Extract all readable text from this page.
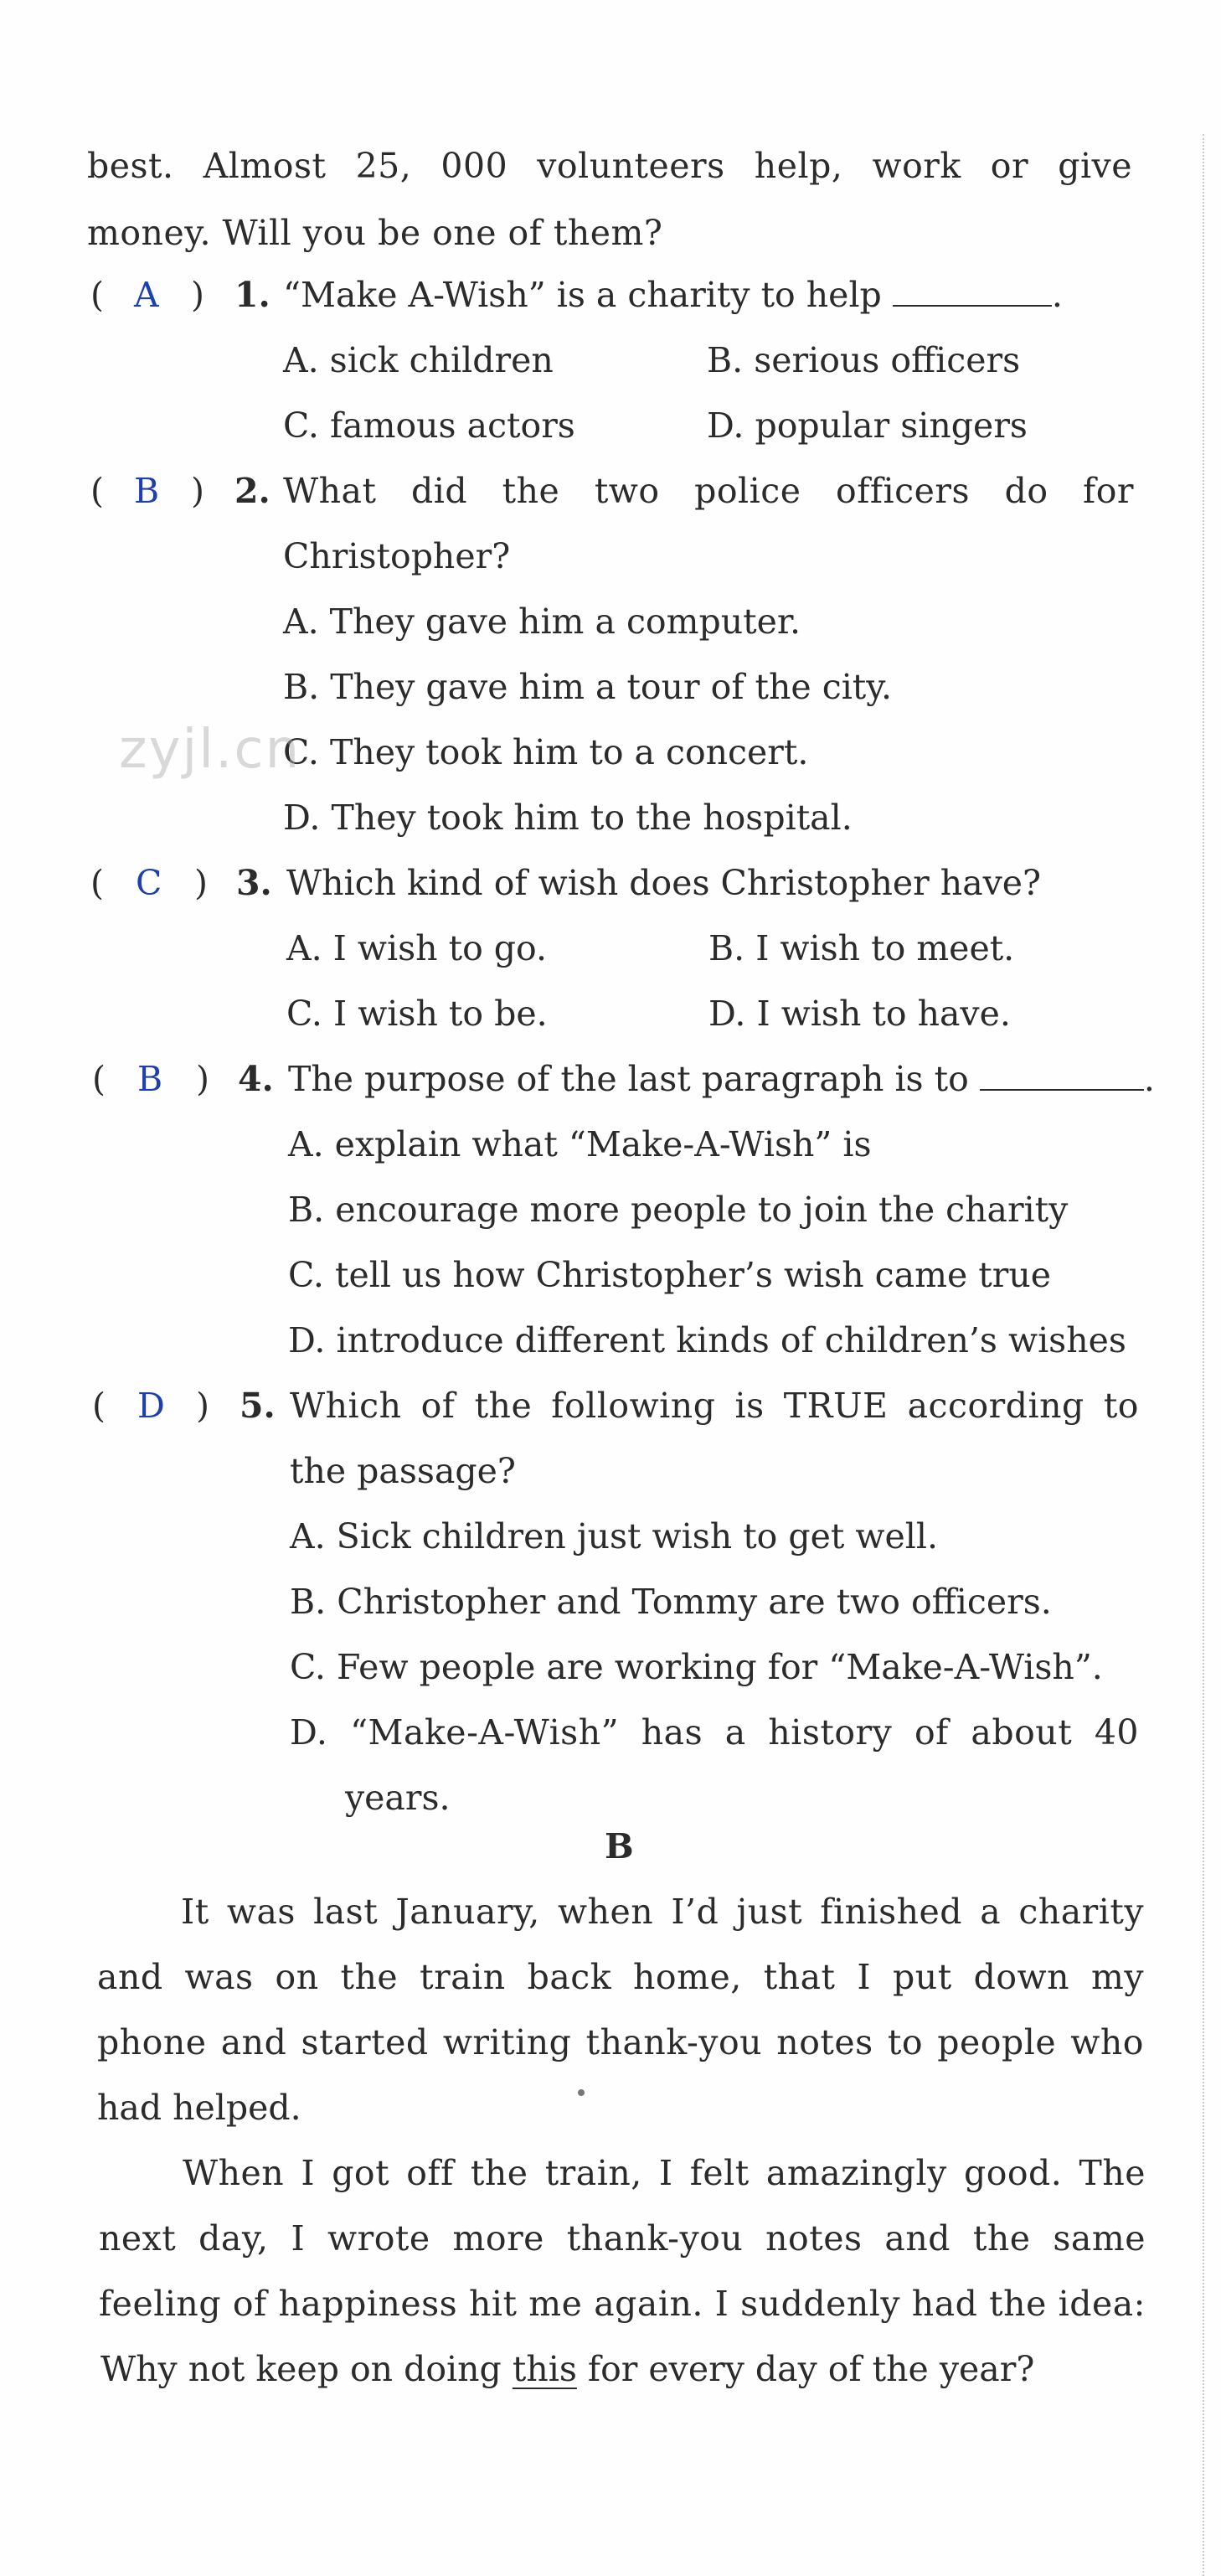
best. Almost 25, 000 volunteers help, work or give
money. Will you be one of them?
( A ) 1. “Make A-Wish” is a charity to help	.
A. sick children	B. serious officers
C. famous actors	D. popular singers
( B ) 2. What did the two police officers do for
Christopher?
A. They gave him a computer.
B. They gave him a tour of the city.
C. They took him to a concert.
D. They took him to the hospital.
zyjl.cn
( C ) 3. Which kind of wish does Christopher have?
A. I wish to go.	B. I wish to meet.
C. I wish to be.	D. I wish to have.
( B ) 4. The purpose of the last paragraph is to	.
A. explain what “Make-A-Wish” is
B. encourage more people to join the charity
C. tell us how Christopher’s wish came true
D. introduce different kinds of children’s wishes
( D ) 5. Which of the following is TRUE according to
the passage?
A. Sick children just wish to get well.
B. Christopher and Tommy are two officers.
C. Few people are working for “Make-A-Wish”.
D. “Make-A-Wish” has a history of about 40
years.
B
It was last January, when I’d just finished a charity
and was on the train back home, that I put down my
phone and started writing thank-you notes to people who
had helped.
When I got off the train, I felt amazingly good. The
next day, I wrote more thank-you notes and the same
feeling of happiness hit me again. I suddenly had the idea:
Why not keep on doing this for every day of the year?
